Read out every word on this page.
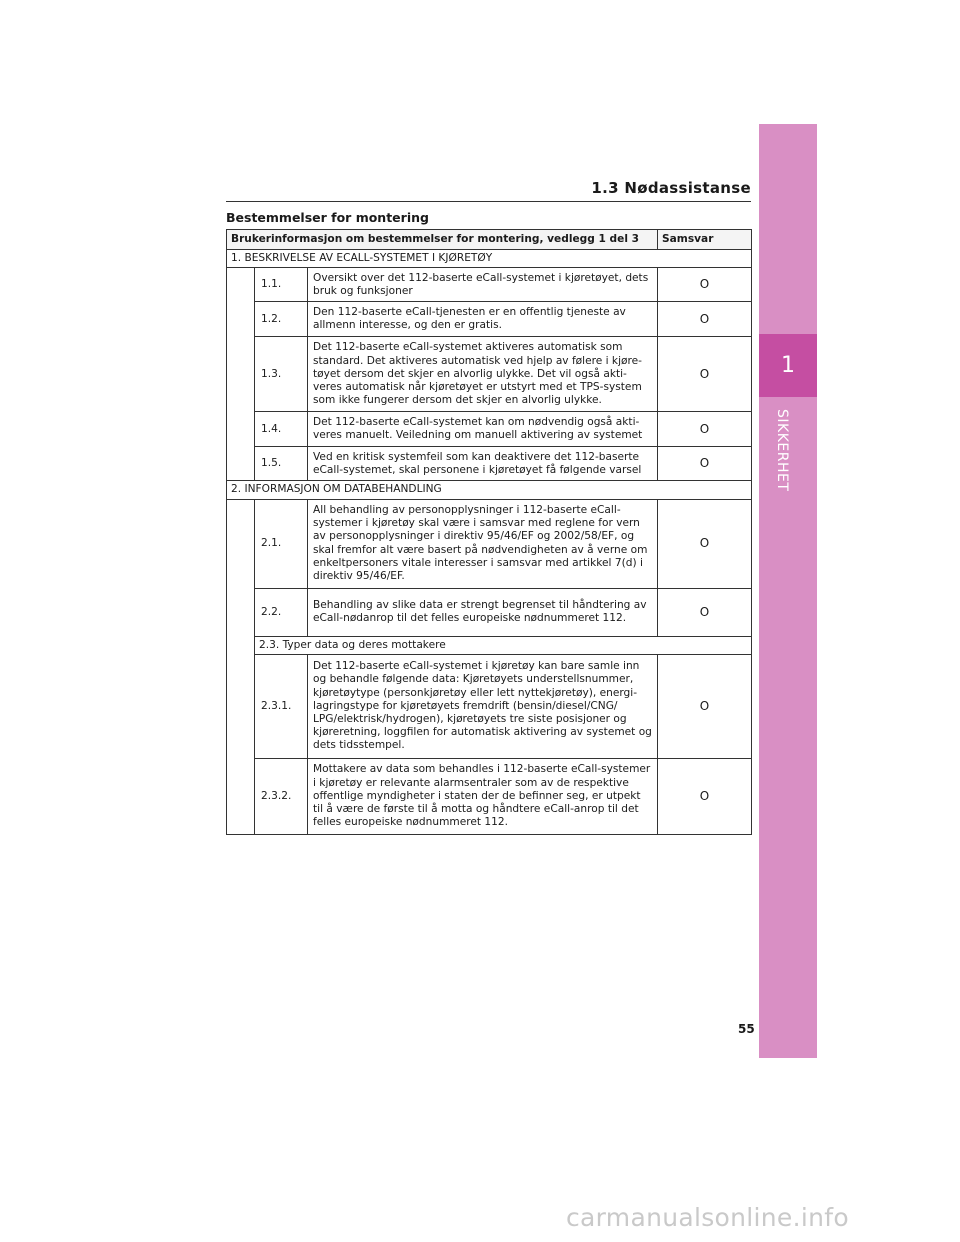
1
SIKKERHET
1.3 Nødassistanse
Bestemmelser for montering
Brukerinformasjon om bestemmelser for montering, vedlegg 1 del 3			Samsvar
1. BESKRIVELSE AV ECALL-SYSTEMET I KJØRETØY			
	1.1.	Oversikt over det 112-baserte eCall-systemet i kjøretøyet, dets bruk og funksjoner	O
	1.2.	Den 112-baserte eCall-tjenesten er en offentlig tjeneste av allmenn interesse, og den er gratis.	O
	1.3.	Det 112-baserte eCall-systemet aktiveres automatisk som standard. Det aktiveres automatisk ved hjelp av følere i kjøre-tøyet dersom det skjer en alvorlig ulykke. Det vil også akti-veres automatisk når kjøretøyet er utstyrt med et TPS-system som ikke fungerer dersom det skjer en alvorlig ulykke.	O
	1.4.	Det 112-baserte eCall-systemet kan om nødvendig også akti-veres manuelt. Veiledning om manuell aktivering av systemet	O
	1.5.	Ved en kritisk systemfeil som kan deaktivere det 112-baserte eCall-systemet, skal personene i kjøretøyet få følgende varsel	O
2. INFORMASJON OM DATABEHANDLING			
	2.1.	All behandling av personopplysninger i 112-baserte eCall-systemer i kjøretøy skal være i samsvar med reglene for vern av personopplysninger i direktiv 95/46/EF og 2002/58/EF, og skal fremfor alt være basert på nødvendigheten av å verne om enkeltpersoners vitale interesser i samsvar med artikkel 7(d) i direktiv 95/46/EF.	O
	2.2.	Behandling av slike data er strengt begrenset til håndtering av eCall-nødanrop til det felles europeiske nødnummeret 112.	O
	2.3. Typer data og deres mottakere		
	2.3.1.	Det 112-baserte eCall-systemet i kjøretøy kan bare samle inn og behandle følgende data: Kjøretøyets understellsnummer, kjøretøytype (personkjøretøy eller lett nyttekjøretøy), energi-lagringstype for kjøretøyets fremdrift (bensin/diesel/CNG/ LPG/elektrisk/hydrogen), kjøretøyets tre siste posisjoner og kjøreretning, loggfilen for automatisk aktivering av systemet og dets tidsstempel.	O
	2.3.2.	Mottakere av data som behandles i 112-baserte eCall-systemer i kjøretøy er relevante alarmsentraler som av de respektive offentlige myndigheter i staten der de befinner seg, er utpekt til å være de første til å motta og håndtere eCall-anrop til det felles europeiske nødnummeret 112.	O
55
carmanualsonline.info
